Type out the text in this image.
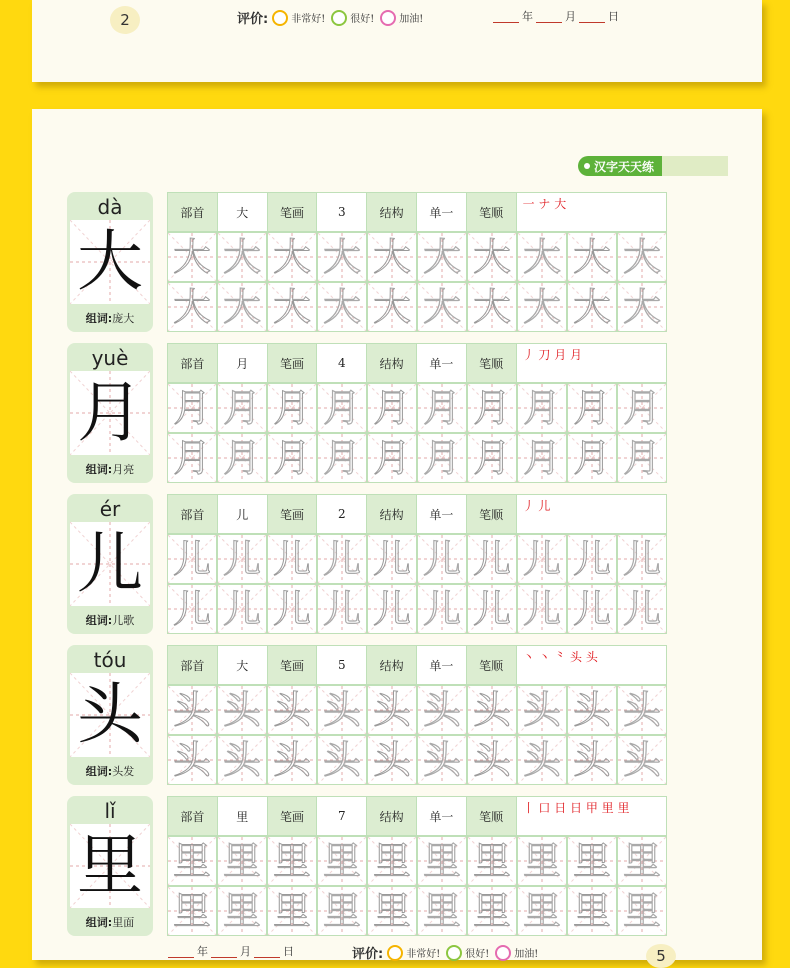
2	评价: 非常好!	很好!	加油!	年	月	日
汉字天天练
dà
大
组词:庞大
部首	大	笔画	3	结构	单一	笔顺
一 ナ 大
大 大 大 大 大 大 大 大 大 大
大 大 大 大 大 大 大 大 大 大
yuè
月
组词:月亮
部首	月	笔画	4	结构	单一	笔顺
丿 刀 月 月
月 月 月 月 月 月 月 月 月 月
月 月 月 月 月 月 月 月 月 月
ér
儿
组词:儿歌
部首	儿	笔画	2	结构	单一	笔顺
丿 儿
儿 儿 儿 儿 儿 儿 儿 儿 儿 儿
儿 儿 儿 儿 儿 儿 儿 儿 儿 儿
tóu
头
组词:头发
部首	大	笔画	5	结构	单一	笔顺
丶 丶 ⺀ 头 头
头 头 头 头 头 头 头 头 头 头
头 头 头 头 头 头 头 头 头 头
lǐ
里
组词:里面
部首	里	笔画	7	结构	单一	笔顺
丨 口 日 日 甲 里 里
里 里 里 里 里 里 里 里 里 里
里 里 里 里 里 里 里 里 里 里
年	月	日	评价: 非常好!	很好!	加油!	5
